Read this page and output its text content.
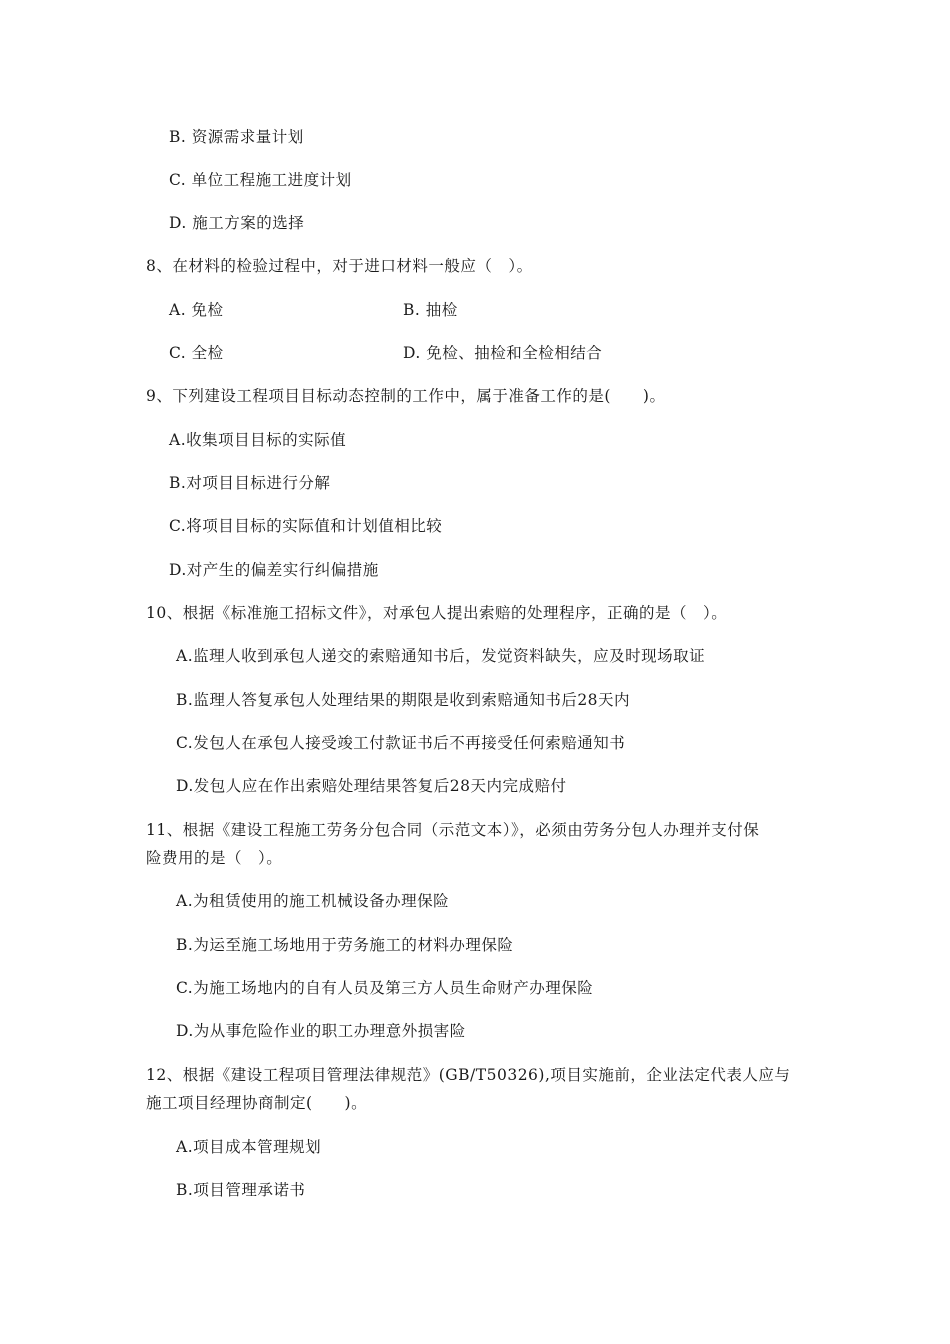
B. 资源需求量计划
C. 单位工程施工进度计划
D. 施工方案的选择
8、在材料的检验过程中，对于进口材料一般应（　）。
A. 免检	B. 抽检
C. 全检	D. 免检、抽检和全检相结合
9、下列建设工程项目目标动态控制的工作中，属于准备工作的是(　　)。
A.收集项目目标的实际值
B.对项目目标进行分解
C.将项目目标的实际值和计划值相比较
D.对产生的偏差实行纠偏措施
10、根据《标准施工招标文件》，对承包人提出索赔的处理程序，正确的是（　）。
A.监理人收到承包人递交的索赔通知书后，发觉资料缺失，应及时现场取证
B.监理人答复承包人处理结果的期限是收到索赔通知书后28天内
C.发包人在承包人接受竣工付款证书后不再接受任何索赔通知书
D.发包人应在作出索赔处理结果答复后28天内完成赔付
11、根据《建设工程施工劳务分包合同（示范文本）》，必须由劳务分包人办理并支付保
险费用的是（　）。
A.为租赁使用的施工机械设备办理保险
B.为运至施工场地用于劳务施工的材料办理保险
C.为施工场地内的自有人员及第三方人员生命财产办理保险
D.为从事危险作业的职工办理意外损害险
12、根据《建设工程项目管理法律规范》(GB/T50326),项目实施前，企业法定代表人应与
施工项目经理协商制定(　　)。
A.项目成本管理规划
B.项目管理承诺书
